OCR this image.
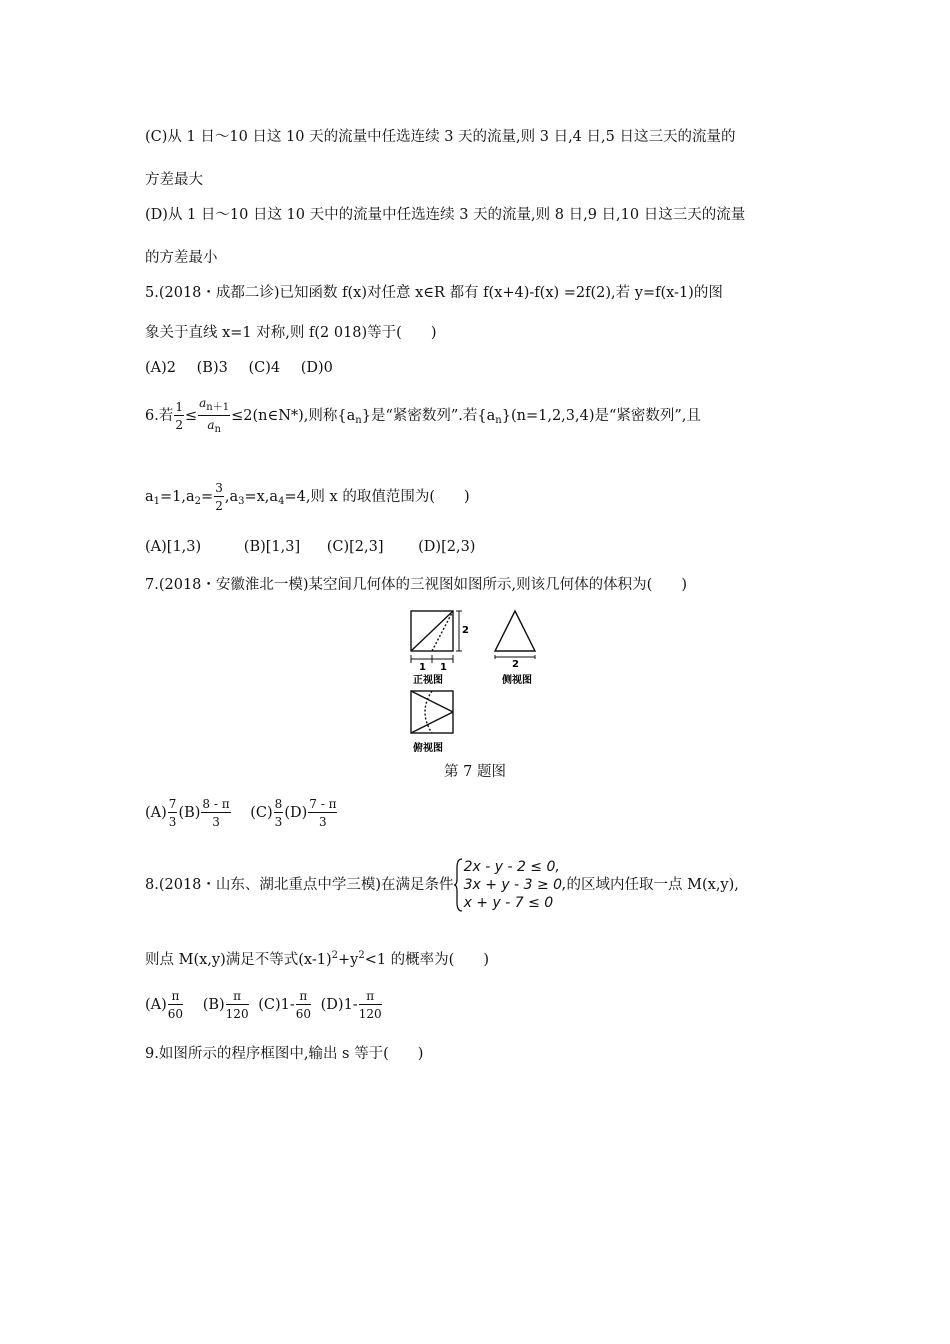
(C)从 1 日～10 日这 10 天的流量中任选连续 3 天的流量,则 3 日,4 日,5 日这三天的流量的
方差最大
(D)从 1 日～10 日这 10 天中的流量中任选连续 3 天的流量,则 8 日,9 日,10 日这三天的流量
的方差最小
5.(2018・成都二诊)已知函数 f(x)对任意 x∈R 都有 f(x+4)-f(x) =2f(2),若 y=f(x-1)的图
象关于直线 x=1 对称,则 f(2 018)等于(　　)
(A)2 (B)3 (C)4 (D)0
6.若 $\frac{1}{2} \le \frac{a_{n+1}}{a_n}$ ≤2(n∈N*),则称$\{a_n\}$是“紧密数列”.若$\{a_n\}(n=1,2,3,4)$是“紧密数列”,且
$a_1=1,a_2= \frac{3}{2} ,a_3=x,a_4=4$,则 x 的取值范围为(　　)
(A)[1,3)	(B)[1,3] (C)[2,3] (D)[2,3)
7.(2018・安徽淮北一模)某空间几何体的三视图如图所示,则该几何体的体积为(　　)
2
1 1
正视图
2
侧视图
俯视图
第 7 题图
$(A) \frac{7}{3} (B) \frac{8 - \pi}{3} (C) \frac{8}{3} (D) \frac{7 - \pi}{3}$
8.(2018・山东、湖北重点中学三模)在满足条件
2x - y - 2 ≤ 0,
3x + y - 3 ≥ 0,
x + y - 7 ≤ 0
的区域内任取一点 M(x,y),
则点 M(x,y)满足不等式$(x-1)^2+y^2<1$ 的概率为(　　)
$(A) \frac{\pi}{60} (B) \frac{\pi}{120} (C)1- \frac{\pi}{60} (D)1- \frac{\pi}{120}$
9.如图所示的程序框图中,输出 s 等于(　　)
